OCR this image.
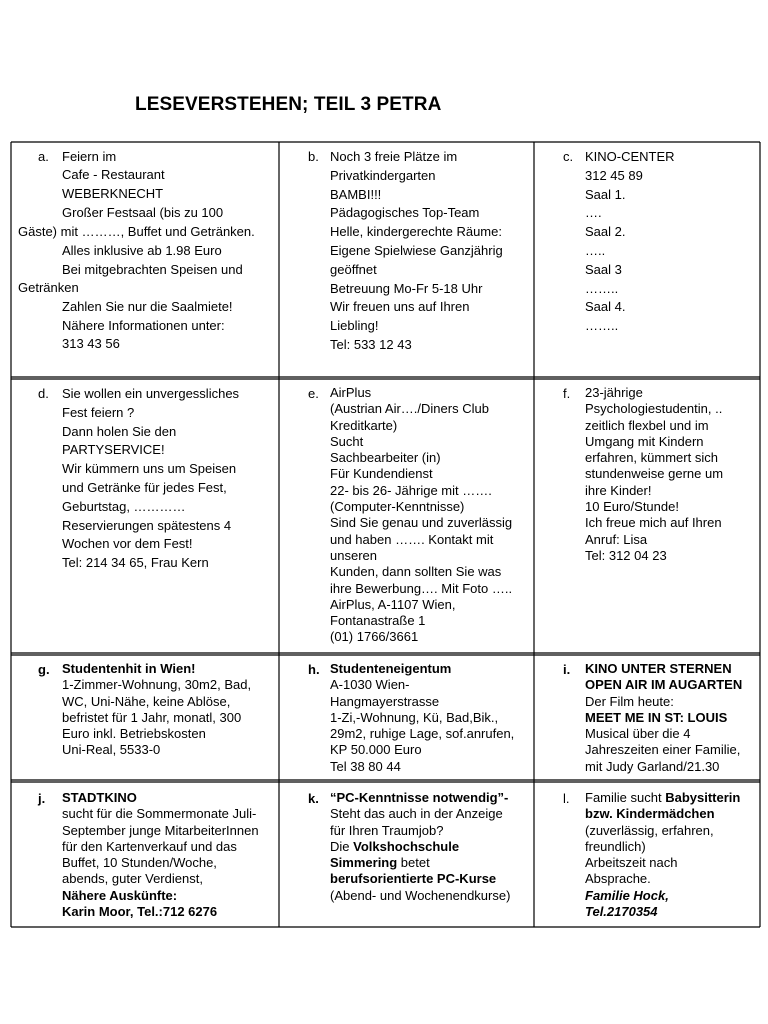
LESEVERSTEHEN; TEIL 3 PETRA
a. Feiern im
Cafe - Restaurant
WEBERKNECHT
Großer Festsaal (bis zu 100
Gäste) mit ………, Buffet und Getränken.
Alles inklusive ab 1.98 Euro
Bei mitgebrachten Speisen und
Getränken
Zahlen Sie nur die Saalmiete!
Nähere Informationen unter:
313 43 56
b. Noch 3 freie Plätze im
Privatkindergarten
BAMBI!!!
Pädagogisches Top-Team
Helle, kindergerechte Räume:
Eigene Spielwiese Ganzjährig
geöffnet
Betreuung Mo-Fr 5-18 Uhr
Wir freuen uns auf Ihren
Liebling!
Tel: 533 12 43
c. KINO-CENTER
312 45 89
Saal 1.
….
Saal 2.
…..
Saal 3
……..
Saal 4.
……..
d. Sie wollen ein unvergessliches
Fest feiern ?
Dann holen Sie den
PARTYSERVICE!
Wir kümmern uns um Speisen
und Getränke für jedes Fest,
Geburtstag, …………
Reservierungen spätestens 4
Wochen vor dem Fest!
Tel: 214 34 65, Frau Kern
e. AirPlus
(Austrian Air…./Diners Club
Kreditkarte)
Sucht
Sachbearbeiter (in)
Für Kundendienst
22- bis 26- Jährige mit …….
(Computer-Kenntnisse)
Sind Sie genau und zuverlässig
und haben ……. Kontakt mit
unseren
Kunden, dann sollten Sie was
ihre Bewerbung…. Mit Foto …..
AirPlus, A-1107 Wien,
Fontanastraße 1
(01) 1766/3661
f. 23-jährige
Psychologiestudentin, ..
zeitlich flexbel und im
Umgang mit Kindern
erfahren, kümmert sich
stundenweise gerne um
ihre Kinder!
10 Euro/Stunde!
Ich freue mich auf Ihren
Anruf: Lisa
Tel: 312 04 23
g. Studentenhit in Wien!
1-Zimmer-Wohnung, 30m2, Bad,
WC, Uni-Nähe, keine Ablöse,
befristet für 1 Jahr, monatl, 300
Euro inkl. Betriebskosten
Uni-Real, 5533-0
h. Studenteneigentum
A-1030 Wien-
Hangmayerstrasse
1-Zi,-Wohnung, Kü, Bad,Bik.,
29m2, ruhige Lage, sof.anrufen,
KP 50.000 Euro
Tel 38 80 44
i. KINO UNTER STERNEN
OPEN AIR IM AUGARTEN
Der Film heute:
MEET ME IN ST: LOUIS
Musical über die 4
Jahreszeiten einer Familie,
mit Judy Garland/21.30
j. STADTKINO
sucht für die Sommermonate Juli-
September junge MitarbeiterInnen
für den Kartenverkauf und das
Buffet, 10 Stunden/Woche,
abends, guter Verdienst,
Nähere Auskünfte:
Karin Moor, Tel.:712 6276
k. “PC-Kenntnisse notwendig”-
Steht das auch in der Anzeige
für Ihren Traumjob?
Die Volkshochschule
Simmering betet
berufsorientierte PC-Kurse
(Abend- und Wochenendkurse)
l. Familie sucht Babysitterin
bzw. Kindermädchen
(zuverlässig, erfahren,
freundlich)
Arbeitszeit nach
Absprache.
Familie Hock,
Tel.2170354
